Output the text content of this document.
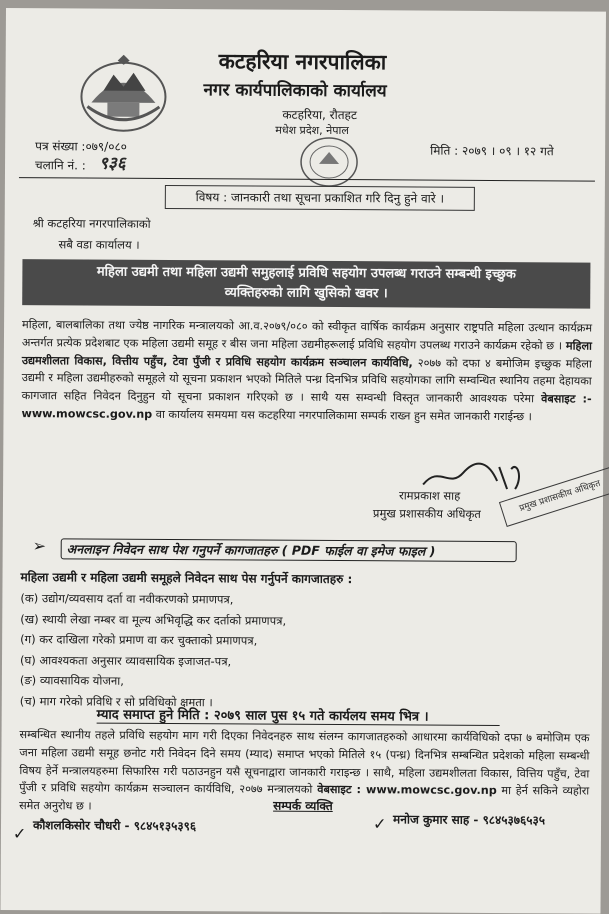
कटहरिया नगरपालिका
नगर कार्यपालिकाको कार्यालय
कटहरिया, रौतहट
मधेश प्रदेश, नेपाल
पत्र संख्या :०७९/०८०
चलानि नं. : ९३६
मिति : २०७९ । ०९ । १२ गते
विषय : जानकारी तथा सूचना प्रकाशित गरि दिनु हुने वारे ।
श्री कटहरिया नगरपालिकाको
सबै वडा कार्यालय ।
महिला उद्यमी तथा महिला उद्यमी समुहलाई प्रविधि सहयोग उपलब्ध गराउने सम्बन्धी इच्छुक
व्यक्तिहरुको लागि खुसिको खवर ।
महिला, बालबालिका तथा ज्येष्ठ नागरिक मन्त्रालयको आ.व.२०७९/०८० को स्वीकृत वार्षिक कार्यक्रम अनुसार राष्ट्रपति महिला उत्थान कार्यक्रम अन्तर्गत प्रत्येक प्रदेशबाट एक महिला उद्यमी समूह र बीस जना महिला उद्यमीहरूलाई प्रविधि सहयोग उपलब्ध गराउने कार्यक्रम रहेको छ । महिला उद्यमशीलता विकास, वित्तीय पहुँच, टेवा पुँजी र प्रविधि सहयोग कार्यक्रम सञ्चालन कार्यविधि, २०७७ को दफा ४ बमोजिम इच्छुक महिला उद्यमी र महिला उद्यमीहरुको समूहले यो सूचना प्रकाशन भएको मितिले पन्ध्र दिनभित्र प्रविधि सहयोगका लागि सम्वन्धित स्थानिय तहमा देहायका कागजात सहित निवेदन दिनुहुन यो सूचना प्रकाशन गरिएको छ । साथै यस सम्वन्धी विस्तृत जानकारी आवश्यक परेमा वेबसाइट :- www.mowcsc.gov.np वा कार्यालय समयमा यस कटहरिया नगरपालिकामा सम्पर्क राख्न हुन समेत जानकारी गराईन्छ ।
रामप्रकाश साह
प्रमुख प्रशासकीय अधिकृत	प्रमुख प्रशासकीय अधिकृत
➢ अनलाइन निवेदन साथ पेश गनुपर्ने कागजातहरु ( PDF फाईल वा इमेज फाइल )
महिला उद्यमी र महिला उद्यमी समूहले निवेदन साथ पेस गर्नुपर्ने कागजातहरु :
(क) उद्योग/व्यवसाय दर्ता वा नवीकरणको प्रमाणपत्र,
(ख) स्थायी लेखा नम्बर वा मूल्य अभिवृद्धि कर दर्ताको प्रमाणपत्र,
(ग) कर दाखिला गरेको प्रमाण वा कर चुक्ताको प्रमाणपत्र,
(घ) आवश्यकता अनुसार व्यावसायिक इजाजत-पत्र,
(ङ) व्यावसायिक योजना,
(च) माग गरेको प्रविधि र सो प्रविधिको क्षमता ।
म्याद समाप्त हुने मिति : २०७९ साल पुस १५ गते कार्यलय समय भित्र ।
सम्बन्धित स्थानीय तहले प्रविधि सहयोग माग गरी दिएका निवेदनहरु साथ संलग्न कागजातहरुको आधारमा कार्यविधिको दफा ७ बमोजिम एक जना महिला उद्यमी समूह छनोट गरी निवेदन दिने समय (म्याद) समाप्त भएको मितिले १५ (पन्ध्र) दिनभित्र सम्बन्धित प्रदेशको महिला सम्बन्धी विषय हेर्ने मन्त्रालयहरुमा सिफारिस गरी पठाउनहुन यसै सूचनाद्वारा जानकारी गराइन्छ । साथै, महिला उद्यमशीलता विकास, वित्तिय पहुँच, टेवा पुँजी र प्रविधि सहयोग कार्यक्रम सञ्चालन कार्यविधि, २०७७ मन्त्रालयको वेबसाइट : www.mowcsc.gov.np मा हेर्न सकिने व्यहोरा समेत अनुरोध छ ।	सम्पर्क व्यक्ति
✓ कौशलकिसोर चौधरी - ९८४५१३५३९६	✓ मनोज कुमार साह - ९८४५३७६५३५
